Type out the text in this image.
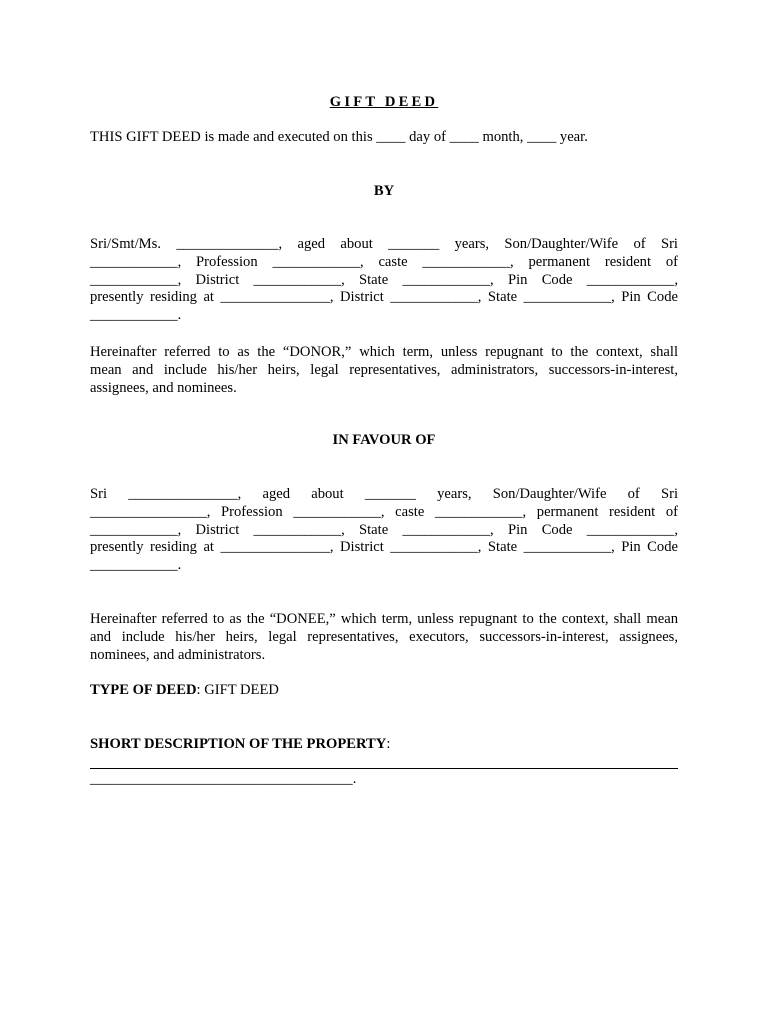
GIFT DEED
THIS GIFT DEED is made and executed on this ____ day of ____ month, ____ year.
BY
Sri/Smt/Ms. ______________, aged about _______ years, Son/Daughter/Wife of Sri
____________, Profession ____________, caste ____________, permanent resident of
____________, District ____________, State ____________, Pin Code ____________,
presently residing at _______________, District ____________, State ____________, Pin Code
____________.
Hereinafter referred to as the “DONOR,” which term, unless repugnant to the context, shall
mean and include his/her heirs, legal representatives, administrators, successors-in-interest,
assignees, and nominees.
IN FAVOUR OF
Sri _______________, aged about _______ years, Son/Daughter/Wife of Sri
________________, Profession ____________, caste ____________, permanent resident of
____________, District ____________, State ____________, Pin Code ____________,
presently residing at _______________, District ____________, State ____________, Pin Code
____________.
Hereinafter referred to as the “DONEE,” which term, unless repugnant to the context, shall mean
and include his/her heirs, legal representatives, executors, successors-in-interest, assignees,
nominees, and administrators.
TYPE OF DEED: GIFT DEED
SHORT DESCRIPTION OF THE PROPERTY:
____________________________________.
